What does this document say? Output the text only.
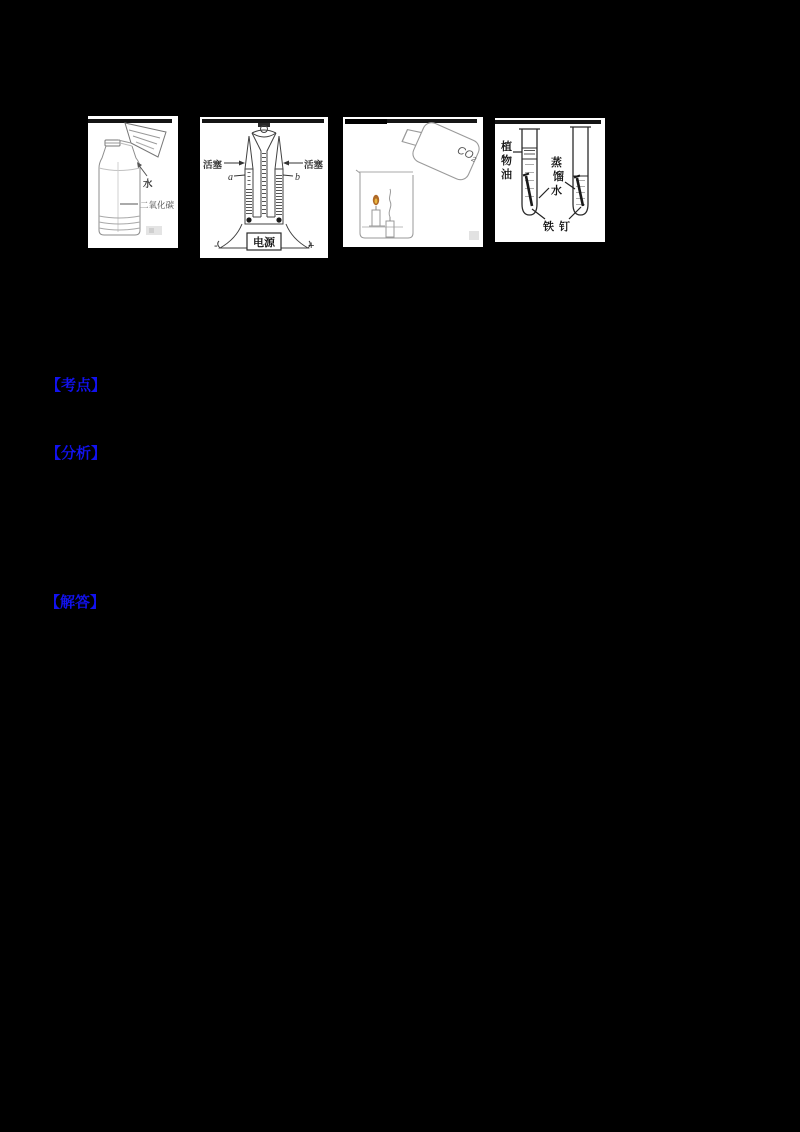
水
二氧化碳
电源
-	+
活塞	活塞
a	b
CO₂ 植
物
油
蒸
馏
水
铁钉
【考点】
【分析】
【解答】
